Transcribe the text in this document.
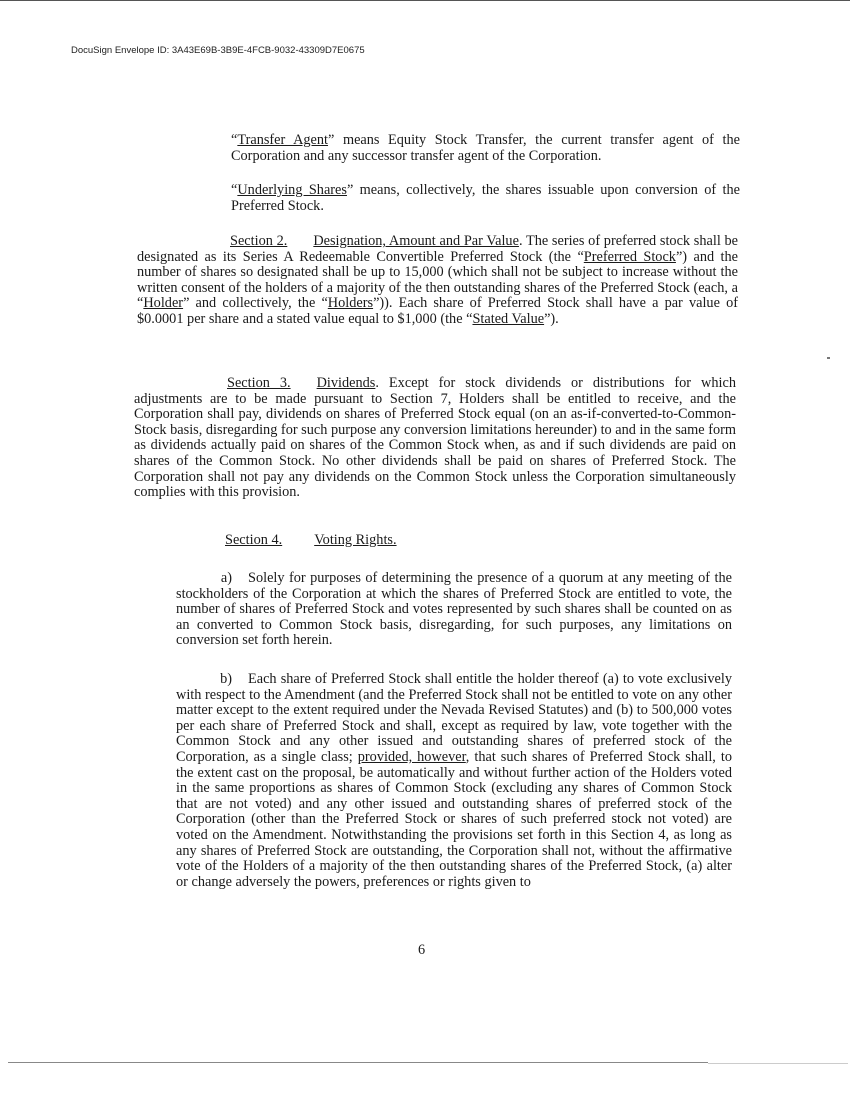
DocuSign Envelope ID: 3A43E69B-3B9E-4FCB-9032-43309D7E0675

“Transfer Agent” means Equity Stock Transfer, the current transfer agent of the Corporation and any successor transfer agent of the Corporation.

“Underlying Shares” means, collectively, the shares issuable upon conversion of the Preferred Stock.

Section 2. Designation, Amount and Par Value. The series of preferred stock shall be designated as its Series A Redeemable Convertible Preferred Stock (the “Preferred Stock”) and the number of shares so designated shall be up to 15,000 (which shall not be subject to increase without the written consent of the holders of a majority of the then outstanding shares of the Preferred Stock (each, a “Holder” and collectively, the “Holders”)). Each share of Preferred Stock shall have a par value of $0.0001 per share and a stated value equal to $1,000 (the “Stated Value”).

Section 3. Dividends. Except for stock dividends or distributions for which adjustments are to be made pursuant to Section 7, Holders shall be entitled to receive, and the Corporation shall pay, dividends on shares of Preferred Stock equal (on an as-if-converted-to-Common-Stock basis, disregarding for such purpose any conversion limitations hereunder) to and in the same form as dividends actually paid on shares of the Common Stock when, as and if such dividends are paid on shares of the Common Stock. No other dividends shall be paid on shares of Preferred Stock. The Corporation shall not pay any dividends on the Common Stock unless the Corporation simultaneously complies with this provision.

Section 4. Voting Rights.

a) Solely for purposes of determining the presence of a quorum at any meeting of the stockholders of the Corporation at which the shares of Preferred Stock are entitled to vote, the number of shares of Preferred Stock and votes represented by such shares shall be counted on as an converted to Common Stock basis, disregarding, for such purposes, any limitations on conversion set forth herein.

b) Each share of Preferred Stock shall entitle the holder thereof (a) to vote exclusively with respect to the Amendment (and the Preferred Stock shall not be entitled to vote on any other matter except to the extent required under the Nevada Revised Statutes) and (b) to 500,000 votes per each share of Preferred Stock and shall, except as required by law, vote together with the Common Stock and any other issued and outstanding shares of preferred stock of the Corporation, as a single class; provided, however, that such shares of Preferred Stock shall, to the extent cast on the proposal, be automatically and without further action of the Holders voted in the same proportions as shares of Common Stock (excluding any shares of Common Stock that are not voted) and any other issued and outstanding shares of preferred stock of the Corporation (other than the Preferred Stock or shares of such preferred stock not voted) are voted on the Amendment. Notwithstanding the provisions set forth in this Section 4, as long as any shares of Preferred Stock are outstanding, the Corporation shall not, without the affirmative vote of the Holders of a majority of the then outstanding shares of the Preferred Stock, (a) alter or change adversely the powers, preferences or rights given to

6
